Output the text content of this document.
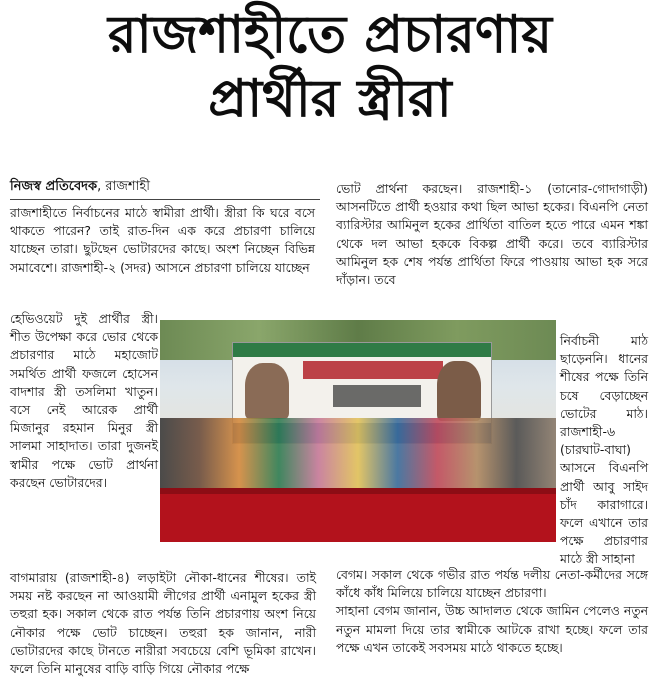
রাজশাহীতে প্রচারণায়
প্রার্থীর স্ত্রীরা
নিজস্ব প্রতিবেদক, রাজশাহী

রাজশাহীতে নির্বাচনের মাঠে স্বামীরা প্রার্থী। স্ত্রীরা কি ঘরে বসে থাকতে পারেন? তাই রাত-দিন এক করে প্রচারণা চালিয়ে যাচ্ছেন তারা। ছুটছেন ভোটারদের কাছে। অংশ নিচ্ছেন বিভিন্ন সমাবেশে। রাজশাহী-২ (সদর) আসনে প্রচারণা চালিয়ে যাচ্ছেন

হেভিওয়েট দুই প্রার্থীর স্ত্রী। শীত উপেক্ষা করে ভোর থেকে প্রচারণার মাঠে মহাজোট সমর্থিত প্রার্থী ফজলে হোসেন বাদশার স্ত্রী তসলিমা খাতুন। বসে নেই আরেক প্রার্থী মিজানুর রহমান মিনুর স্ত্রী সালমা সাহাদাত। তারা দুজনই স্বামীর পক্ষে ভোট প্রার্থনা করছেন ভোটারদের।

বাগমারায় (রাজশাহী-৪) লড়াইটা নৌকা-ধানের শীষের। তাই সময় নষ্ট করছেন না আওয়ামী লীগের প্রার্থী এনামুল হকের স্ত্রী তহুরা হক। সকাল থেকে রাত পর্যন্ত তিনি প্রচারণায় অংশ নিয়ে নৌকার পক্ষে ভোট চাচ্ছেন। তহুরা হক জানান, নারী ভোটারদের কাছে টানতে নারীরা সবচেয়ে বেশি ভূমিকা রাখেন। ফলে তিনি মানুষের বাড়ি বাড়ি গিয়ে নৌকার পক্ষে

ভোট প্রার্থনা করছেন। রাজশাহী-১ (তানোর-গোদাগাড়ী) আসনটিতে প্রার্থী হওয়ার কথা ছিল আভা হকের। বিএনপি নেতা ব্যারিস্টার আমিনুল হকের প্রার্থিতা বাতিল হতে পারে এমন শঙ্কা থেকে দল আভা হককে বিকল্প প্রার্থী করে। তবে ব্যারিস্টার আমিনুল হক শেষ পর্যন্ত প্রার্থিতা ফিরে পাওয়ায় আভা হক সরে দাঁড়ান। তবে

নির্বাচনী মাঠ ছাড়েননি। ধানের শীষের পক্ষে তিনি চষে বেড়াচ্ছেন ভোটের মাঠ। রাজশাহী-৬ (চারঘাট-বাঘা) আসনে বিএনপি প্রার্থী আবু সাইদ চাঁদ কারাগারে। ফলে এখানে তার পক্ষে প্রচারণার মাঠে স্ত্রী সাহানা

বেগম। সকাল থেকে গভীর রাত পর্যন্ত দলীয় নেতা-কর্মীদের সঙ্গে কাঁধে কাঁধ মিলিয়ে চালিয়ে যাচ্ছেন প্রচারণা।

সাহানা বেগম জানান, উচ্চ আদালত থেকে জামিন পেলেও নতুন নতুন মামলা দিয়ে তার স্বামীকে আটকে রাখা হচ্ছে। ফলে তার পক্ষে এখন তাকেই সবসময় মাঠে থাকতে হচ্ছে।
